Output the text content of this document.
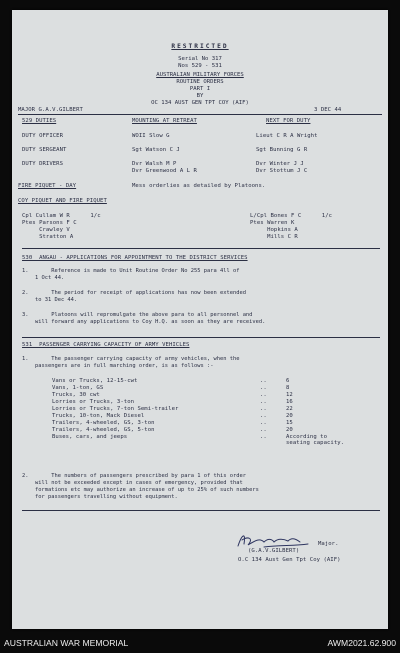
RESTRICTED
Serial No 317
Nos 529 - 531
AUSTRALIAN MILITARY FORCES
ROUTINE ORDERS
PART I
BY
OC 134 AUST GEN TPT COY (AIF)
MAJOR G.A.V.GILBERT	3 DEC 44
529 DUTIES	MOUNTING AT RETREAT	NEXT FOR DUTY
DUTY OFFICER	WOII Slow G	Lieut C R A Wright
DUTY SERGEANT	Sgt Watson C J	Sgt Bunning G R
DUTY DRIVERS	Dvr Walsh M P	Dvr Winter J J
Dvr Greenwood A L R	Dvr Stottum J C
FIRE PIQUET - DAY	Mess orderlies as detailed by Platoons.
COY PIQUET AND FIRE PIQUET
Cpl Cullam W R      1/c
Ptes Parsons F C
Crawley V
Stratton A
L/Cpl Bones F C      1/c
Ptes Warren K
Hopkins A
Mills C R
530  ANGAU - APPLICATIONS FOR APPOINTMENT TO THE DISTRICT SERVICES
1.       Reference is made to Unit Routine Order No 255 para 4ll of
1 Oct 44.
2.       The period for receipt of applications has now been extended
to 31 Dec 44.
3.       Platoons will repromulgate the above para to all personnel and
will forward any applications to Coy H.Q. as soon as they are received.
531  PASSENGER CARRYING CAPACITY OF ARMY VEHICLES
1.       The passenger carrying capacity of army vehicles, when the
passengers are in full marching order, is as follows :-
Vans or Trucks, 12-15-cwt	..	6
Vans, 1-ton, GS	..	8
Trucks, 30 cwt	..	12
Lorries or Trucks, 3-ton	..	16
Lorries or Trucks, 7-ton Semi-trailer	..	22
Trucks, 10-ton, Mack Diesel	..	20
Trailers, 4-wheeled, GS, 3-ton	..	15
Trailers, 4-wheeled, GS, 5-ton	..	20
Buses, cars, and jeeps	..	According to
seating capacity.
2.       The numbers of passengers prescribed by para 1 of this order
will not be exceeded except in cases of emergency, provided that
formations etc may authorize an increase of up to 25% of such numbers
for passengers travelling without equipment.
Major.
(G.A.V.GILBERT)
O.C 134 Aust Gen Tpt Coy (AIF)
AUSTRALIAN WAR MEMORIAL	AWM2021.62.900
